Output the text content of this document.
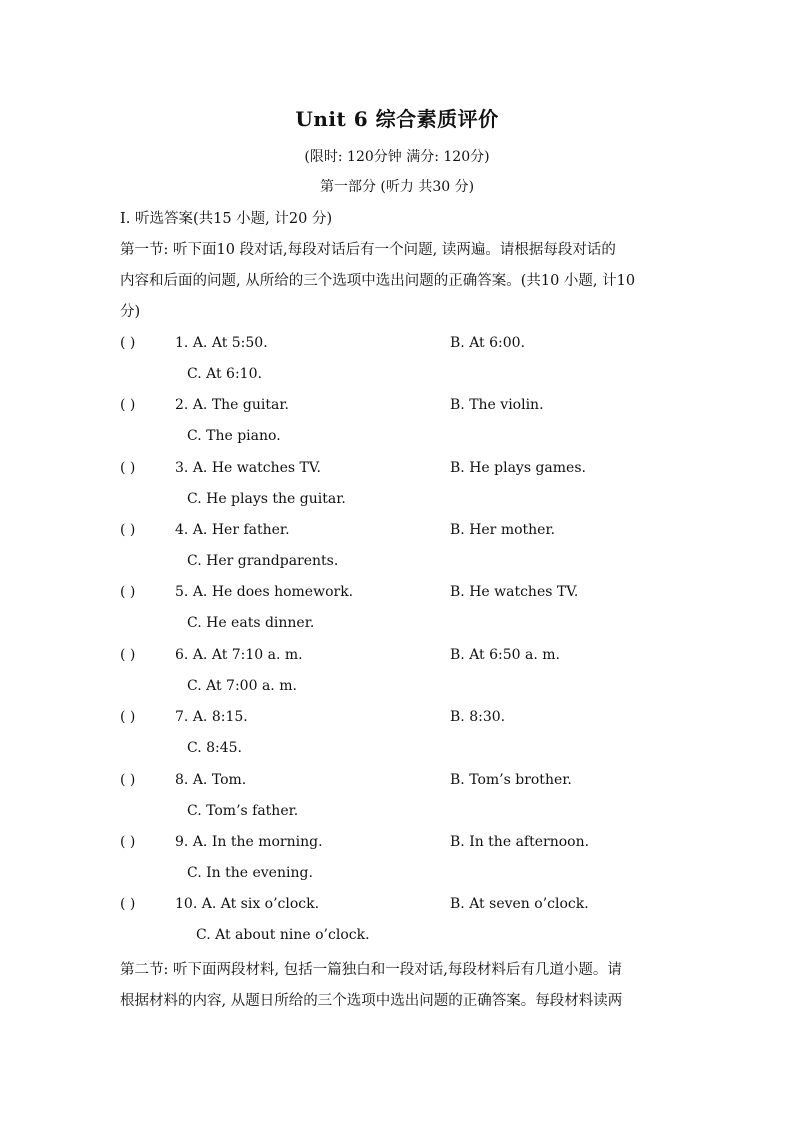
Unit 6 综合素质评价
(限时: 120分钟 满分: 120分)
第一部分 (听力 共30 分)
I. 听选答案(共15 小题, 计20 分)
第一节: 听下面10 段对话,每段对话后有一个问题, 读两遍。请根据每段对话的
内容和后面的问题, 从所给的三个选项中选出问题的正确答案。(共10 小题, 计10
分)
( )	1. A. At 5:50.	B. At 6:00.
C. At 6:10.
( )	2. A. The guitar.	B. The violin.
C. The piano.
( )	3. A. He watches TV.	B. He plays games.
C. He plays the guitar.
( )	4. A. Her father.	B. Her mother.
C. Her grandparents.
( )	5. A. He does homework.	B. He watches TV.
C. He eats dinner.
( )	6. A. At 7:10 a. m.	B. At 6:50 a. m.
C. At 7:00 a. m.
( )	7. A. 8:15.	B. 8:30.
C. 8:45.
( )	8. A. Tom.	B. Tom’s brother.
C. Tom’s father.
( )	9. A. In the morning.	B. In the afternoon.
C. In the evening.
( )	10. A. At six o’clock.	B. At seven o’clock.
C. At about nine o’clock.
第二节: 听下面两段材料, 包括一篇独白和一段对话,每段材料后有几道小题。请
根据材料的内容, 从题日所给的三个选项中选出问题的正确答案。每段材料读两
